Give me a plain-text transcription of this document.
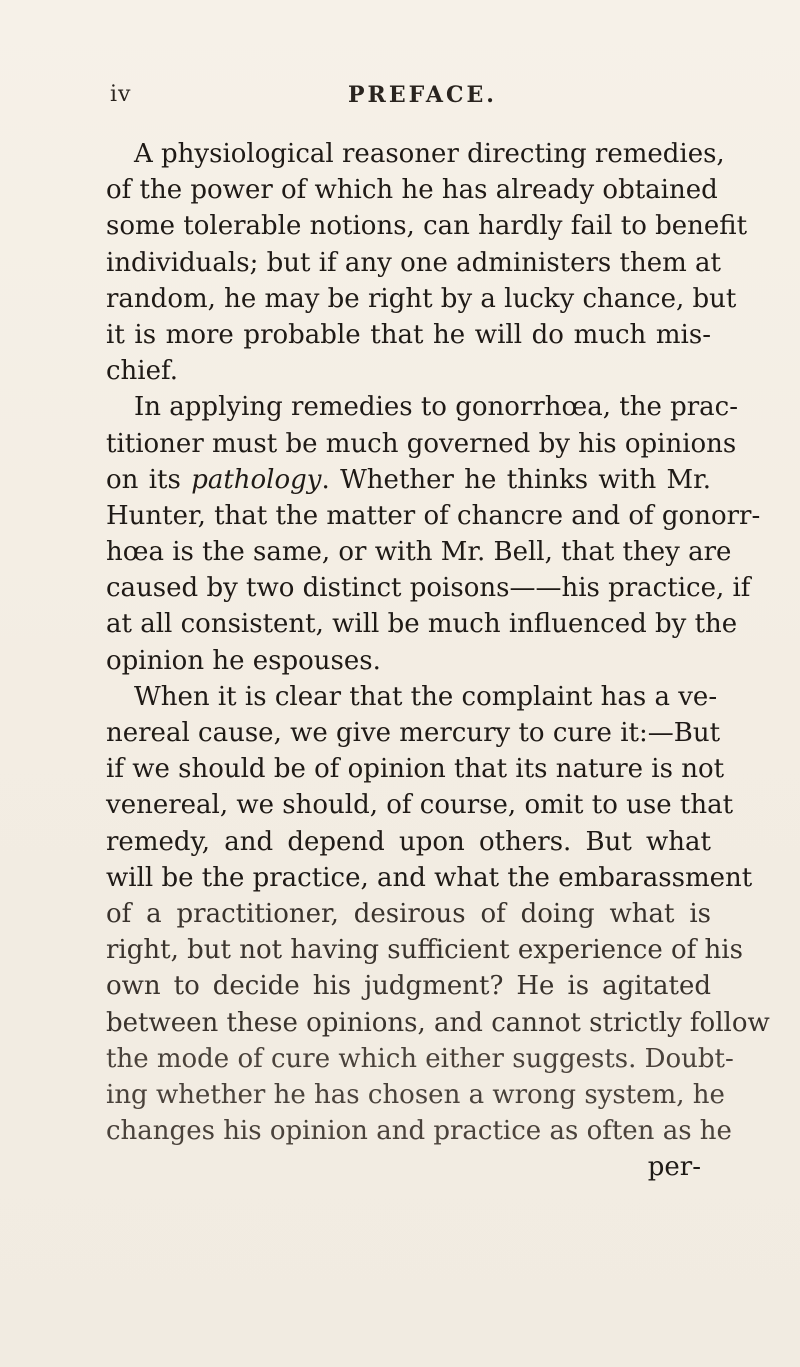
iv	PREFACE.
A physiological reasoner directing remedies,
of the power of which he has already obtained
some tolerable notions, can hardly fail to benefit
individuals; but if any one administers them at
random, he may be right by a lucky chance, but
it is more probable that he will do much mis-
chief.
In applying remedies to gonorrhœa, the prac-
titioner must be much governed by his opinions
on its pathology. Whether he thinks with Mr.
Hunter, that the matter of chancre and of gonorr-
hœa is the same, or with Mr. Bell, that they are
caused by two distinct poisons——his practice, if
at all consistent, will be much influenced by the
opinion he espouses.
When it is clear that the complaint has a ve-
nereal cause, we give mercury to cure it:—But
if we should be of opinion that its nature is not
venereal, we should, of course, omit to use that
remedy, and depend upon others. But what
will be the practice, and what the embarassment
of a practitioner, desirous of doing what is
right, but not having sufficient experience of his
own to decide his judgment? He is agitated
between these opinions, and cannot strictly follow
the mode of cure which either suggests. Doubt-
ing whether he has chosen a wrong system, he
changes his opinion and practice as often as he
per-
